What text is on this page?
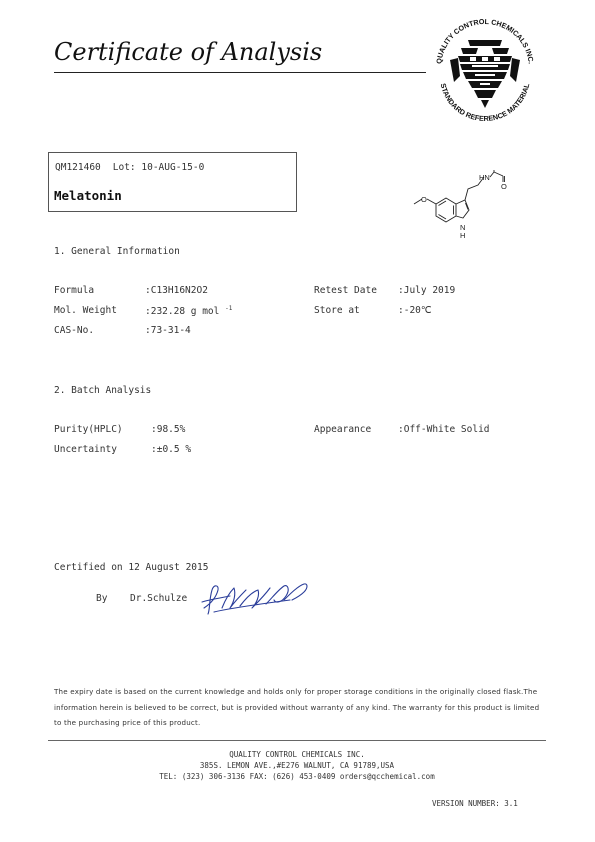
Certificate of Analysis	QUALITY CONTROL CHEMICALS INC.
STANDARD REFERENCE MATERIAL
QM121460 Lot: 10-AUG-15-0
Melatonin
HN
O
O
N
H
1. General Information
Formula	:C13H16N2O2
Mol. Weight	:232.28 g mol $^{-1}$
CAS-No.	:73-31-4
Retest Date :July 2019
Store at	:-20℃
2. Batch Analysis
Purity(HPLC)	:98.5%
Uncertainty	:±0.5 %
Appearance	:Off-White Solid
Certified on 12 August 2015
By Dr.Schulze
The expiry date is based on the current knowledge and holds only for proper storage conditions in the originally closed flask.The information herein is believed to be correct, but is provided without warranty of any kind. The warranty for this product is limited to the purchasing price of this product.
QUALITY CONTROL CHEMICALS INC.
385S. LEMON AVE.,#E276 WALNUT, CA 91789,USA
TEL: (323) 306-3136 FAX: (626) 453-0409 orders@qcchemical.com
VERSION NUMBER: 3.1
